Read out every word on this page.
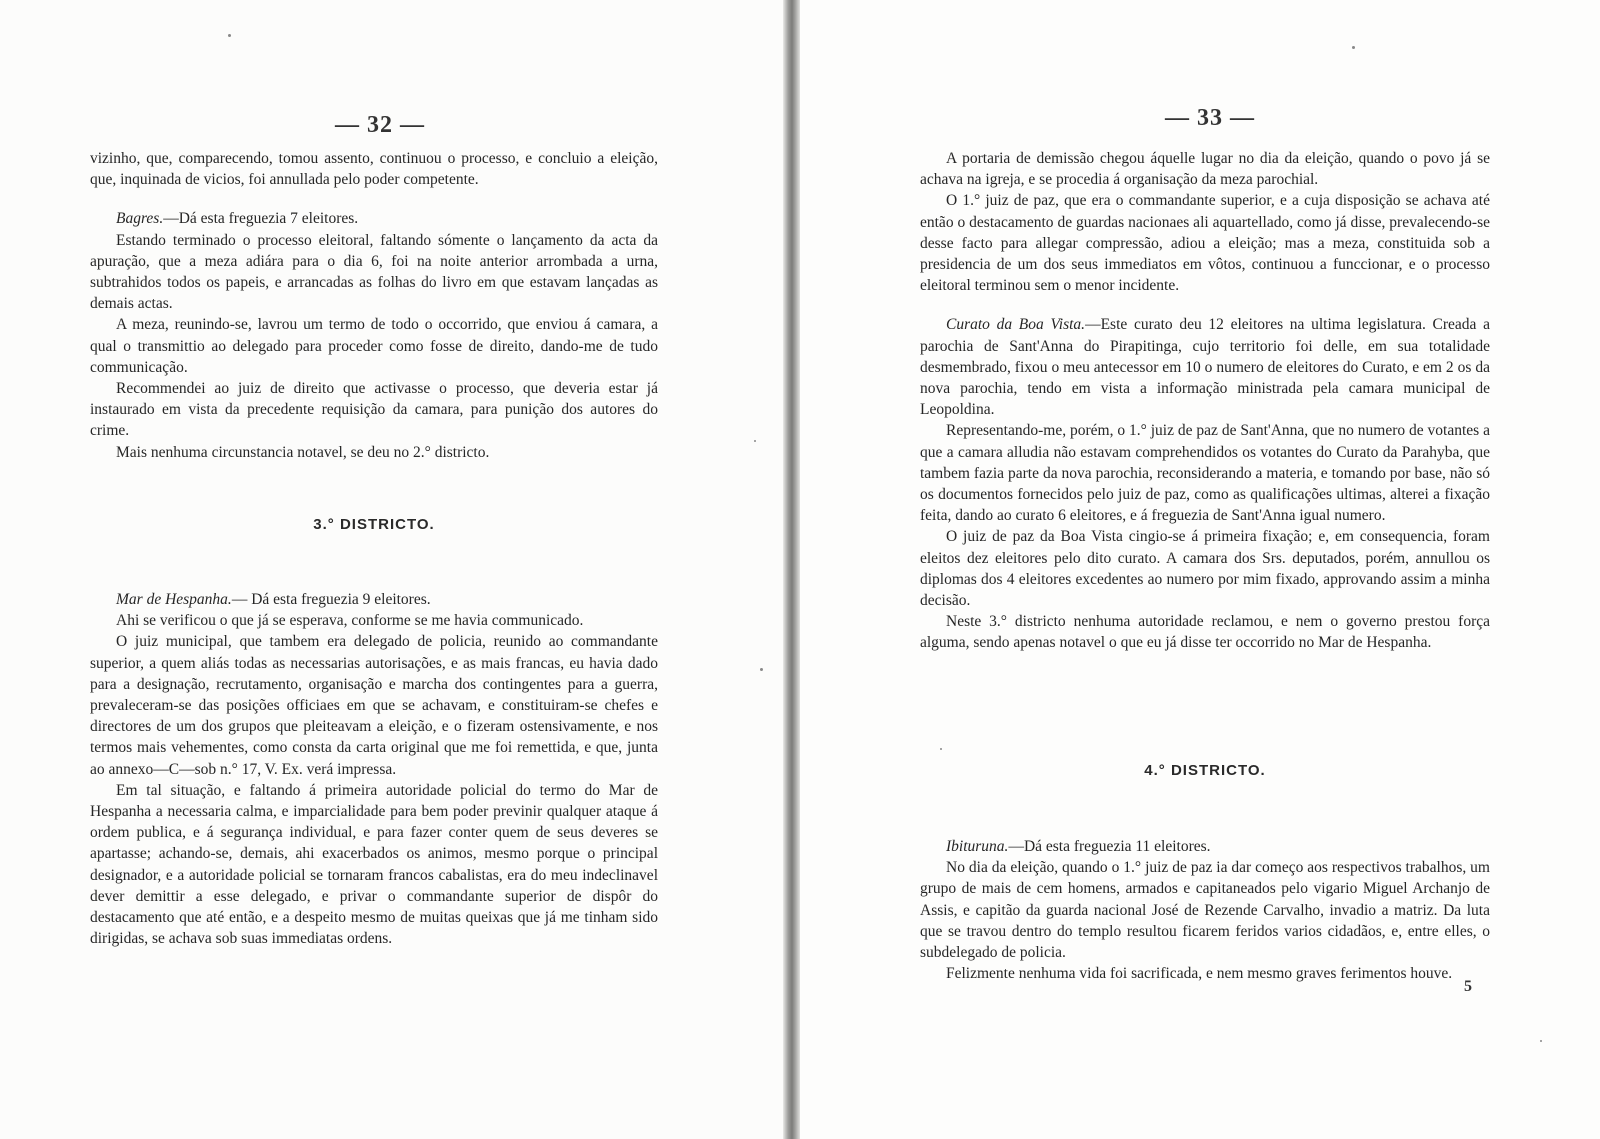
— 32 —

vizinho, que, comparecendo, tomou assento, continuou o processo, e concluio a eleição, que, inquinada de vicios, foi annullada pelo poder competente.

Bagres.—Dá esta freguezia 7 eleitores.

Estando terminado o processo eleitoral, faltando sómente o lançamento da acta da apuração, que a meza adiára para o dia 6, foi na noite anterior arrombada a urna, subtrahidos todos os papeis, e arrancadas as folhas do livro em que estavam lançadas as demais actas.

A meza, reunindo-se, lavrou um termo de todo o occorrido, que enviou á camara, a qual o transmittio ao delegado para proceder como fosse de direito, dando-me de tudo communicação.

Recommendei ao juiz de direito que activasse o processo, que deveria estar já instaurado em vista da precedente requisição da camara, para punição dos autores do crime.

Mais nenhuma circunstancia notavel, se deu no 2.° districto.

3.° DISTRICTO.

Mar de Hespanha.— Dá esta freguezia 9 eleitores.

Ahi se verificou o que já se esperava, conforme se me havia communicado.

O juiz municipal, que tambem era delegado de policia, reunido ao commandante superior, a quem aliás todas as necessarias autorisações, e as mais francas, eu havia dado para a designação, recrutamento, organisação e marcha dos contingentes para a guerra, prevaleceram-se das posições officiaes em que se achavam, e constituiram-se chefes e directores de um dos grupos que pleiteavam a eleição, e o fizeram ostensivamente, e nos termos mais vehementes, como consta da carta original que me foi remettida, e que, junta ao annexo—C—sob n.° 17, V. Ex. verá impressa.

Em tal situação, e faltando á primeira autoridade policial do termo do Mar de Hespanha a necessaria calma, e imparcialidade para bem poder previnir qualquer ataque á ordem publica, e á segurança individual, e para fazer conter quem de seus deveres se apartasse; achando-se, demais, ahi exacerbados os animos, mesmo porque o principal designador, e a autoridade policial se tornaram francos cabalistas, era do meu indeclinavel dever demittir a esse delegado, e privar o commandante superior de dispôr do destacamento que até então, e a despeito mesmo de muitas queixas que já me tinham sido dirigidas, se achava sob suas immediatas ordens.

— 33 —

A portaria de demissão chegou áquelle lugar no dia da eleição, quando o povo já se achava na igreja, e se procedia á organisação da meza parochial.

O 1.° juiz de paz, que era o commandante superior, e a cuja disposição se achava até então o destacamento de guardas nacionaes ali aquartellado, como já disse, prevalecendo-se desse facto para allegar compressão, adiou a eleição; mas a meza, constituida sob a presidencia de um dos seus immediatos em vôtos, continuou a funccionar, e o processo eleitoral terminou sem o menor incidente.

Curato da Boa Vista.—Este curato deu 12 eleitores na ultima legislatura. Creada a parochia de Sant'Anna do Pirapitinga, cujo territorio foi delle, em sua totalidade desmembrado, fixou o meu antecessor em 10 o numero de eleitores do Curato, e em 2 os da nova parochia, tendo em vista a informação ministrada pela camara municipal de Leopoldina.

Representando-me, porém, o 1.° juiz de paz de Sant'Anna, que no numero de votantes a que a camara alludia não estavam comprehendidos os votantes do Curato da Parahyba, que tambem fazia parte da nova parochia, reconsiderando a materia, e tomando por base, não só os documentos fornecidos pelo juiz de paz, como as qualificações ultimas, alterei a fixação feita, dando ao curato 6 eleitores, e á freguezia de Sant'Anna igual numero.

O juiz de paz da Boa Vista cingio-se á primeira fixação; e, em consequencia, foram eleitos dez eleitores pelo dito curato. A camara dos Srs. deputados, porém, annullou os diplomas dos 4 eleitores excedentes ao numero por mim fixado, approvando assim a minha decisão.

Neste 3.° districto nenhuma autoridade reclamou, e nem o governo prestou força alguma, sendo apenas notavel o que eu já disse ter occorrido no Mar de Hespanha.

4.° DISTRICTO.

Ibituruna.—Dá esta freguezia 11 eleitores.

No dia da eleição, quando o 1.° juiz de paz ia dar começo aos respectivos trabalhos, um grupo de mais de cem homens, armados e capitaneados pelo vigario Miguel Archanjo de Assis, e capitão da guarda nacional José de Rezende Carvalho, invadio a matriz. Da luta que se travou dentro do templo resultou ficarem feridos varios cidadãos, e, entre elles, o subdelegado de policia.

Felizmente nenhuma vida foi sacrificada, e nem mesmo graves ferimentos houve.

5
